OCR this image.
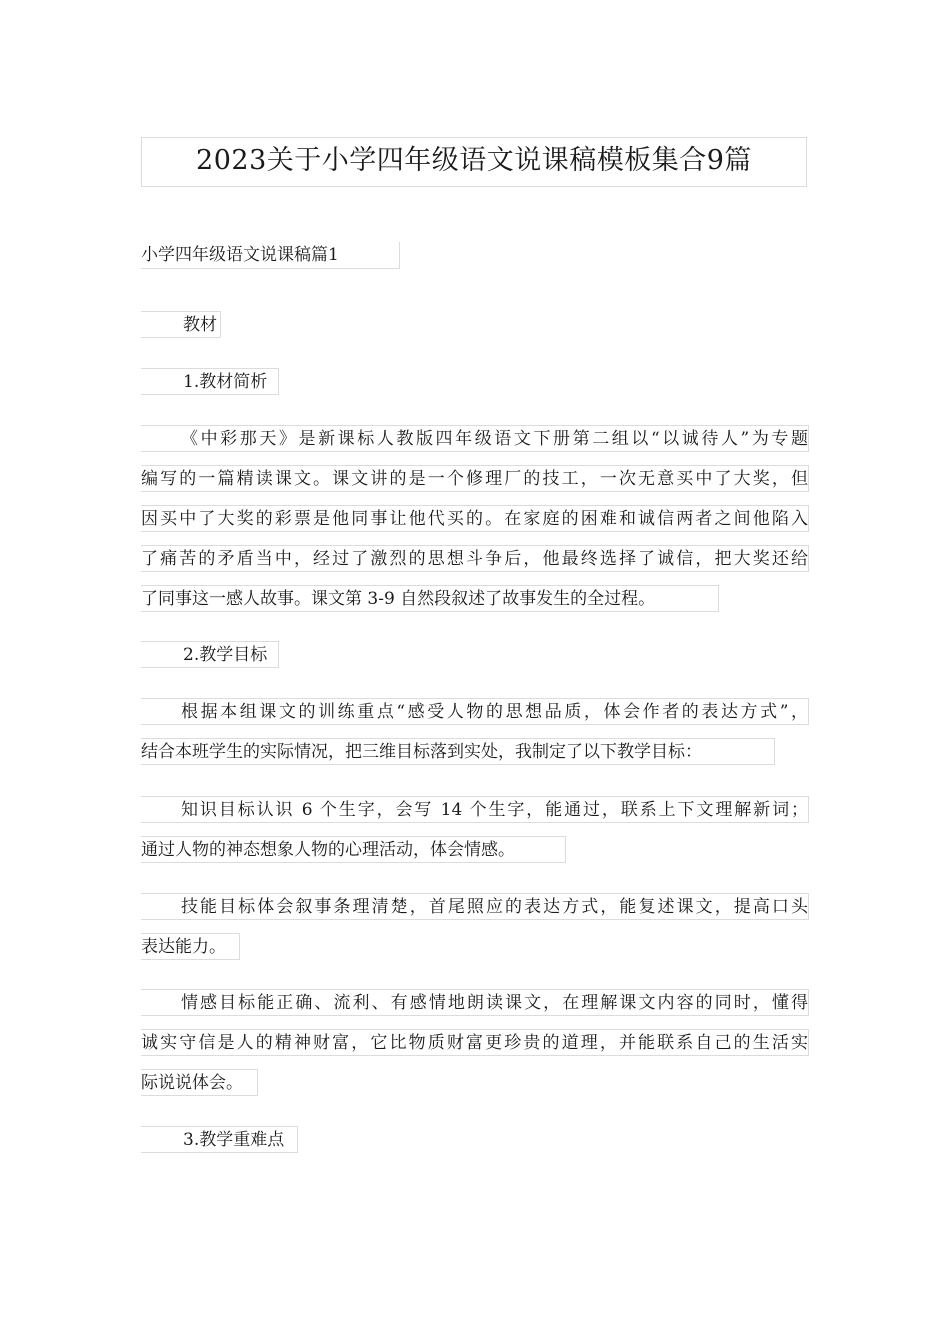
2023关于小学四年级语文说课稿模板集合9篇
小学四年级语文说课稿篇1
教材
1.教材简析
《中彩那天》是新课标人教版四年级语文下册第二组以“以诚待人”为专题
编写的一篇精读课文。课文讲的是一个修理厂的技工，一次无意买中了大奖，但
因买中了大奖的彩票是他同事让他代买的。在家庭的困难和诚信两者之间他陷入
了痛苦的矛盾当中，经过了激烈的思想斗争后，他最终选择了诚信，把大奖还给
了同事这一感人故事。课文第 3-9 自然段叙述了故事发生的全过程。
2.教学目标
根据本组课文的训练重点“感受人物的思想品质，体会作者的表达方式”，
结合本班学生的实际情况，把三维目标落到实处，我制定了以下教学目标：
知识目标认识 6 个生字，会写 14 个生字，能通过，联系上下文理解新词；
通过人物的神态想象人物的心理活动，体会情感。
技能目标体会叙事条理清楚，首尾照应的表达方式，能复述课文，提高口头
表达能力。
情感目标能正确、流利、有感情地朗读课文，在理解课文内容的同时，懂得
诚实守信是人的精神财富，它比物质财富更珍贵的道理，并能联系自己的生活实
际说说体会。
3.教学重难点
